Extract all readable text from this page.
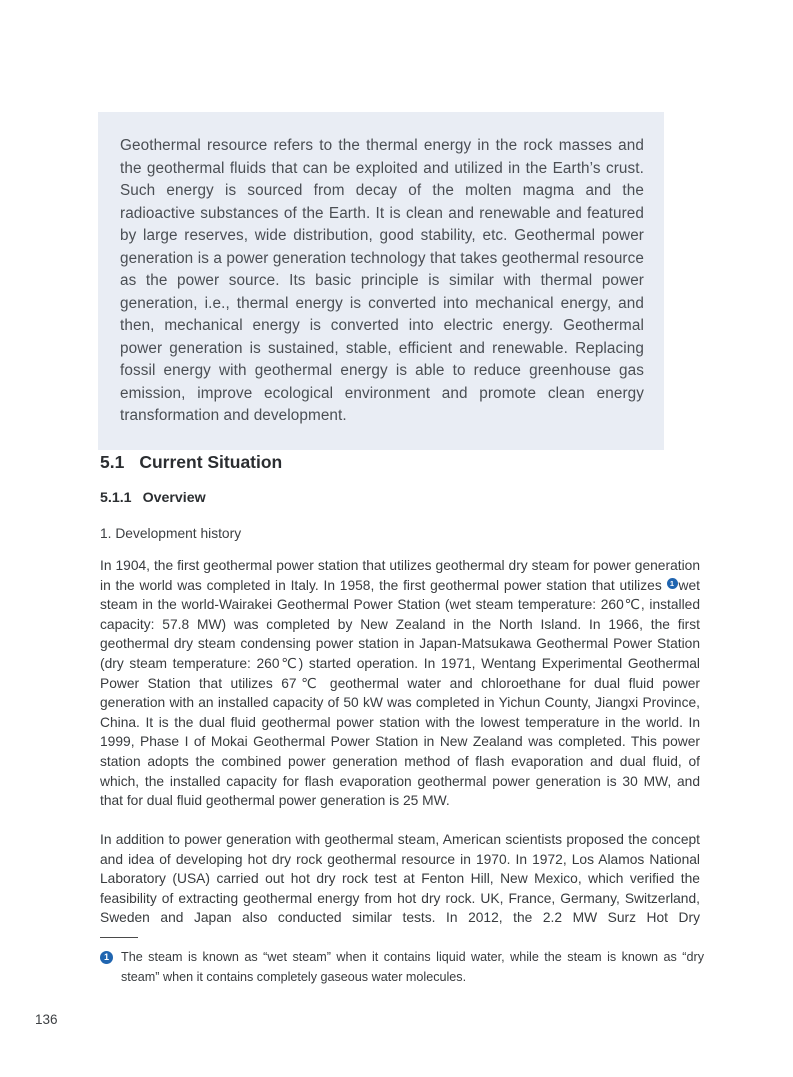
Geothermal resource refers to the thermal energy in the rock masses and the geothermal fluids that can be exploited and utilized in the Earth’s crust. Such energy is sourced from decay of the molten magma and the radioactive substances of the Earth. It is clean and renewable and featured by large reserves, wide distribution, good stability, etc. Geothermal power generation is a power generation technology that takes geothermal resource as the power source. Its basic principle is similar with thermal power generation, i.e., thermal energy is converted into mechanical energy, and then, mechanical energy is converted into electric energy. Geothermal power generation is sustained, stable, efficient and renewable. Replacing fossil energy with geothermal energy is able to reduce greenhouse gas emission, improve ecological environment and promote clean energy transformation and development.

5.1 Current Situation
5.1.1 Overview
1. Development history

In 1904, the first geothermal power station that utilizes geothermal dry steam for power generation in the world was completed in Italy. In 1958, the first geothermal power station that utilizes 1 wet steam in the world-Wairakei Geothermal Power Station (wet steam temperature: 260℃, installed capacity: 57.8 MW) was completed by New Zealand in the North Island. In 1966, the first geothermal dry steam condensing power station in Japan-Matsukawa Geothermal Power Station (dry steam temperature: 260℃) started operation. In 1971, Wentang Experimental Geothermal Power Station that utilizes 67℃ geothermal water and chloroethane for dual fluid power generation with an installed capacity of 50 kW was completed in Yichun County, Jiangxi Province, China. It is the dual fluid geothermal power station with the lowest temperature in the world. In 1999, Phase I of Mokai Geothermal Power Station in New Zealand was completed. This power station adopts the combined power generation method of flash evaporation and dual fluid, of which, the installed capacity for flash evaporation geothermal power generation is 30 MW, and that for dual fluid geothermal power generation is 25 MW.

In addition to power generation with geothermal steam, American scientists proposed the concept and idea of developing hot dry rock geothermal resource in 1970. In 1972, Los Alamos National Laboratory (USA) carried out hot dry rock test at Fenton Hill, New Mexico, which verified the feasibility of extracting geothermal energy from hot dry rock. UK, France, Germany, Switzerland, Sweden and Japan also conducted similar tests. In 2012, the 2.2 MW Surz Hot Dry

1 The steam is known as “wet steam” when it contains liquid water, while the steam is known as “dry steam” when it contains completely gaseous water molecules.
136
